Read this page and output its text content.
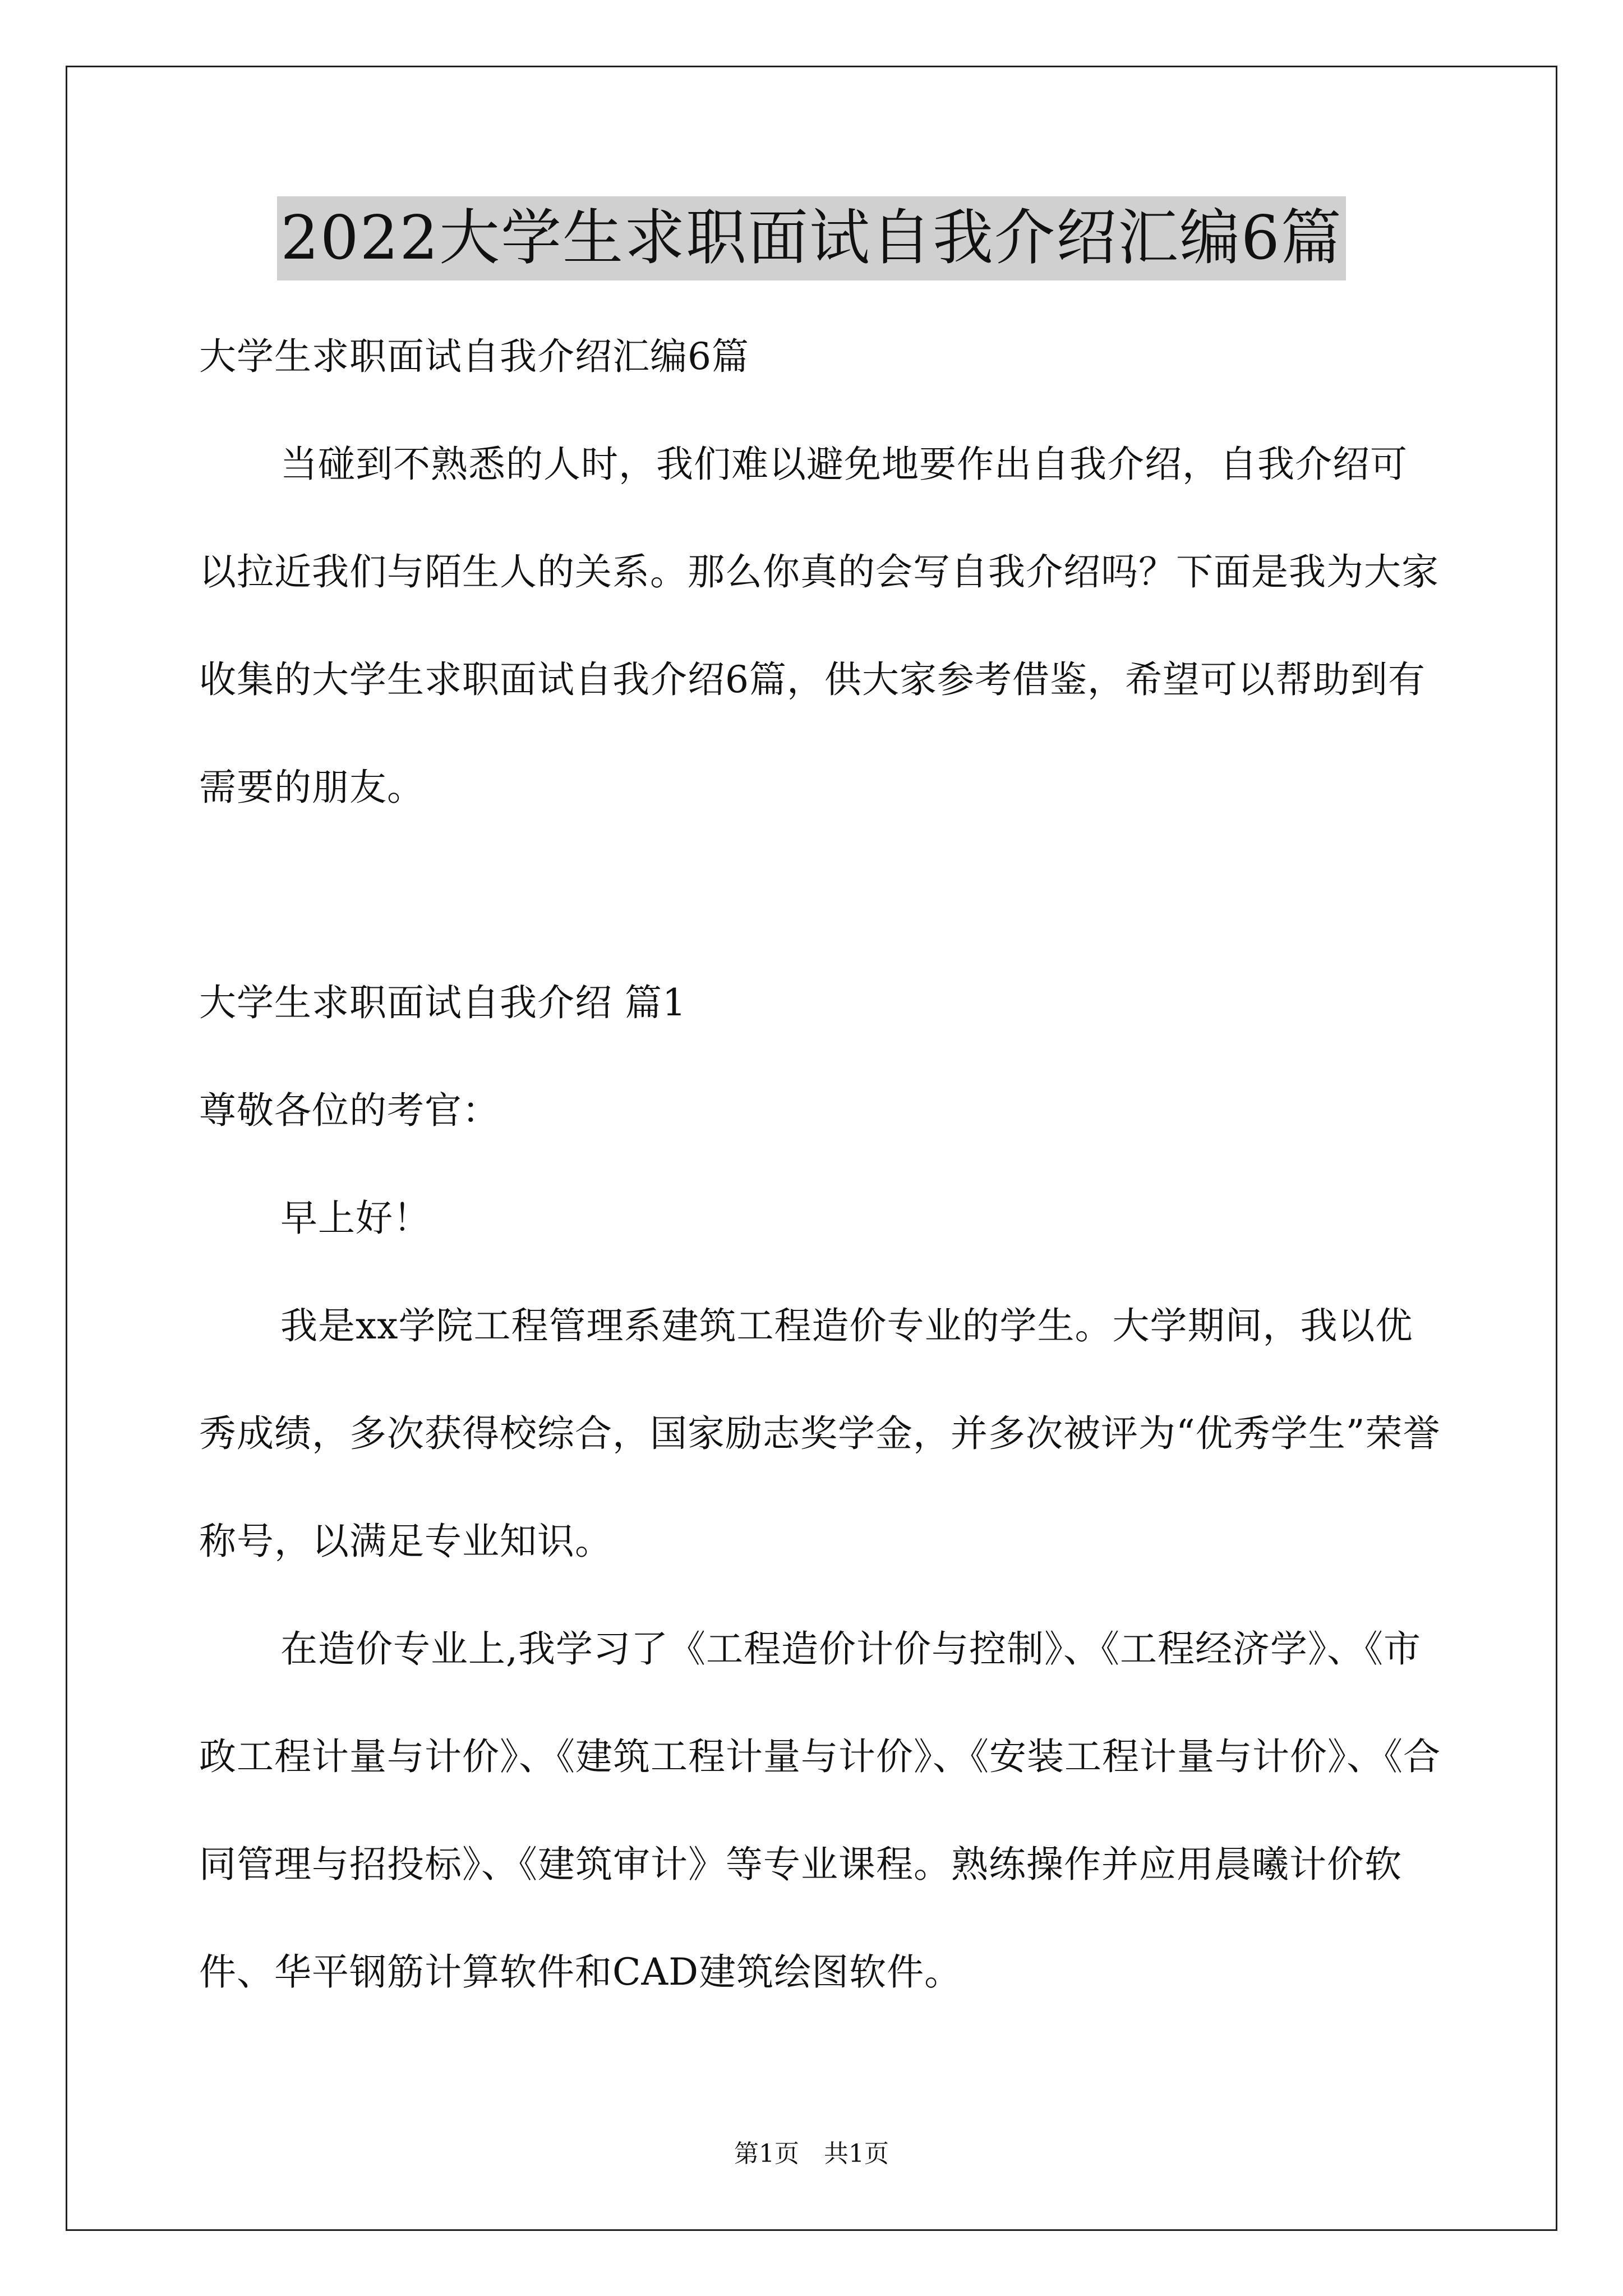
2022大学生求职面试自我介绍汇编6篇

大学生求职面试自我介绍汇编6篇

当碰到不熟悉的人时，我们难以避免地要作出自我介绍，自我介绍可以拉近我们与陌生人的关系。那么你真的会写自我介绍吗？下面是我为大家收集的大学生求职面试自我介绍6篇，供大家参考借鉴，希望可以帮助到有需要的朋友。

大学生求职面试自我介绍 篇1

尊敬各位的考官：

早上好！

我是xx学院工程管理系建筑工程造价专业的学生。大学期间，我以优秀成绩，多次获得校综合，国家励志奖学金，并多次被评为“优秀学生”荣誉称号，以满足专业知识。

在造价专业上,我学习了《工程造价计价与控制》、《工程经济学》、《市政工程计量与计价》、《建筑工程计量与计价》、《安装工程计量与计价》、《合同管理与招投标》、《建筑审计》等专业课程。熟练操作并应用晨曦计价软件、华平钢筋计算软件和CAD建筑绘图软件。

第1页　共1页
